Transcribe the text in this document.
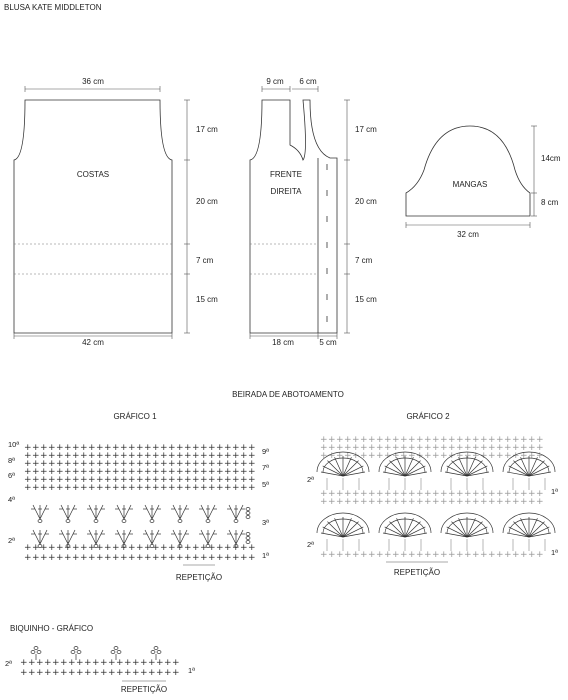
BLUSA KATE MIDDLETON
36 cm
COSTAS
42 cm
17 cm
20 cm
7 cm
15 cm
9 cm 6 cm
FRENTE
DIREITA
18 cm	5 cm
17 cm
20 cm
7 cm
15 cm
MANGAS
32 cm
14cm
8 cm
BEIRADA DE ABOTOAMENTO
GRÁFICO 1
+ + + + + + + + + + + + + + + + + + + + + + + + + + + + +
+ + + + + + + + + + + + + + + + + + + + + + + + + + + + +
+ + + + + + + + + + + + + + + + + + + + + + + + + + + + +
+ + + + + + + + + + + + + + + + + + + + + + + + + + + + +
+ + + + + + + + + + + + + + + + + + + + + + + + + + + + +
+ + + + + + + + + + + + + + + + + + + + + + + + + + + + +
+ + + + + + + + + + + + + + + + + + + + + + + + + + + + +
+ + + + + + + + + + + + + + + + + + + + + + + + + + + + +
10ª
8ª
6ª
4ª
2ª
9ª
7ª
5ª
3ª
1ª
REPETIÇÃO
GRÁFICO 2
+ + + + + + + + + + + + + + + + + + + + + + + + + + + +
+ + + + + + + + + + + + + + + + + + + + + + + + + + + +
+ + + + + + + + + + + + + + + + + + + + + + + + + + + +
+ + + + + + + + + + + + + + + + + + + + + + + + + + + +
+ + + + + + + + + + + + + + + + + + + + + + + + + + + +
+ + + + + + + + + + + + + + + + + + + + + + + + + + + +
2ª
2ª
1ª
1ª
REPETIÇÃO
BIQUINHO - GRÁFICO
+ + + + + + + + + + + + + + + + + + + +
+ + + + + + + + + + + + + + + + + + + +
2ª
1ª
REPETIÇÃO
